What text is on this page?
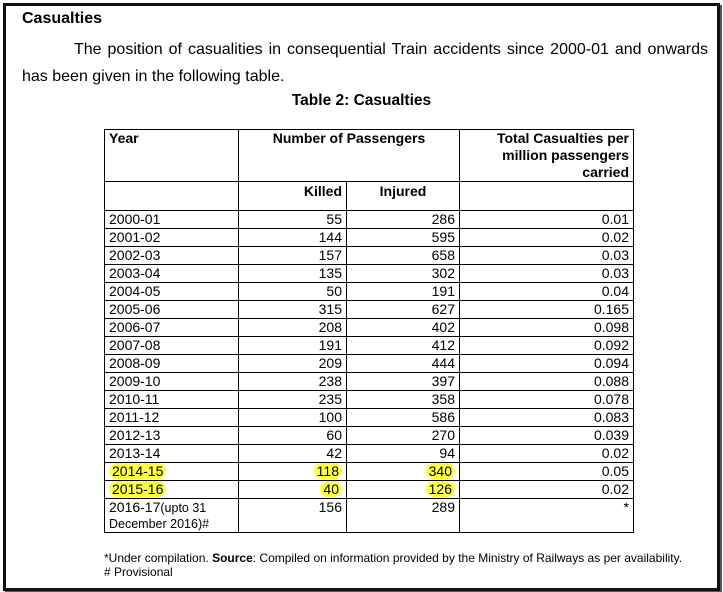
Casualties
The position of casualities in consequential Train accidents since 2000-01 and onwards has been given in the following table.
Table 2: Casualties
Year	Number of Passengers		Total Casualties per million passengers carried
	Killed	Injured	
2000-01	55	286	0.01
2001-02	144	595	0.02
2002-03	157	658	0.03
2003-04	135	302	0.03
2004-05	50	191	0.04
2005-06	315	627	0.165
2006-07	208	402	0.098
2007-08	191	412	0.092
2008-09	209	444	0.094
2009-10	238	397	0.088
2010-11	235	358	0.078
2011-12	100	586	0.083
2012-13	60	270	0.039
2013-14	42	94	0.02
2014-15	118	340	0.05
2015-16	40	126	0.02
2016-17(upto 31 December 2016)#	156	289	*
*Under compilation. Source: Compiled on information provided by the Ministry of Railways as per availability.
# Provisional
